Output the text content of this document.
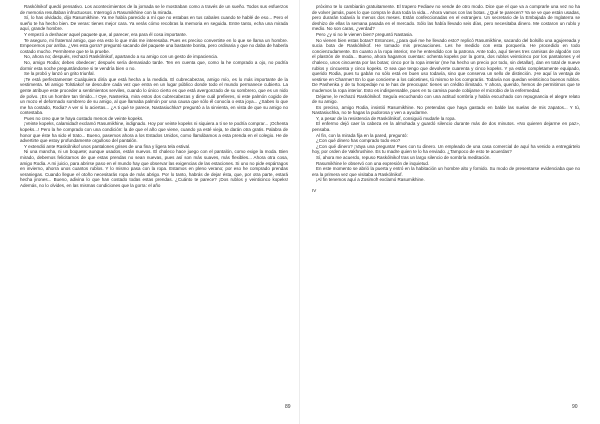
Raskólnikof quedó pensativo. Los acontecimientos de la jornada se le mostraban como a través de un sueño. Todos sus esfuerzos de memoria resultaban infructuosos. Interrogó a Rasumikhine con la mirada.

Sí, lo has olvidado, dijo Rasumikhine. Ya me había parecido a mí que no estabas en tus cabales cuando te hablé de eso... Pero el sueño te ha hecho bien. De veras: tienes mejor cara. Ya verás cómo recobras la memoria en seguida. Entre tanto, echa una mirada aquí, grande hombre.

Y empezó a deshacer aquel paquete que, al parecer, era para él cosa importante.

Te aseguro, mi fraternal amigo, que era esto lo que más me interesaba. Pues es preciso convertirte en lo que se llama un hombre. Empecemos por arriba. ¿Ves esta gorra? preguntó sacando del paquete una bastante bonita, pero ordinaria y que no daba de haberla costado mucho. Permíteme que te la pruebe.

No, ahora no; después, rechazó Raskólnikof, apartando a su amigo con un gesto de impaciencia.

No, amigo Rodia; debes obedecer; después sería demasiado tarde. Ten en cuenta que, como la he comprado a ojo, no podría dormir esta noche preguntándome si te vendría bien o no.

Se la probó y lanzó un grito triunfal.

¡Te está perfectamente! Cualquiera diría que está hecha a la medida. El cubrecabezas, amigo mío, es lo más importante de la vestimenta. Mi amigo Tolstiakof se descubre cada vez que entra en un lugar público donde todo el mundo permanece cubierto. La gente atribuye este proceder a sentimientos serviles, cuando lo único cierto es que está avergonzado de su sombrero, que es un nido de polvo. ¡Es un hombre tan tímido...! Oye, Nastenka, mira estos dos cubrecabezas y dime cuál prefieres, si este palmón cogido de un mozo el deformado sombrero de su amigo, al que llamaba palmón por una causa que sólo él conocía o esta joya... ¿Sabes lo que me ha costado, Rodia? A ver si lo aciertas... ¿A ti qué te parece, Nastasiuchka? preguntó a la sirvienta, en vista de que su amigo no contestaba.

Pues no creo que te haya costado menos de veinte kopeks.

¡Veinte kopeks, calamidad! exclamó Rasumikhine, indignado. Hoy por veinte kopeks ni siquiera a ti se te podría comprar... ¡Ochenta kopeks...! Pero la he comprado con una condición: la de que el año que viene, cuando ya esté vieja, te darán otra gratis. Palabra de honor que éste ha sido el trato... Bueno, pasemos ahora a los Estados Unidos, como llamábamos a esta prenda en el colegio. He de advertirte que estoy profundamente orgulloso del pantalón.

Y extendió ante Raskólnikof unos pantalones grises de una fina y ligera tela estival.

Ni una mancha, ni un boquete; aunque usados, están nuevos. El chaleco hace juego con el pantalón, como exige la moda. Bien mirado, debemos felicitarnos de que estas prendas no sean nuevas, pues así son más suaves, más flexibles... Ahora otra cosa, amigo Rodia. A mi juicio, para abrirse paso en el mundo hay que observar las exigencias de las estaciones. Si uno no pide espárragos en invierno, ahorra unos cuantos rublos. Y lo mismo pasa con la ropa. Estamos en pleno verano; por eso he comprado prendas veraniegas. Cuando llegue el otoño necesitarás ropa de más abrigo. Por lo tanto, habrás de dejar ésta, que, por otra parte, estará hecha jirones... Bueno, adivina lo que han costado todas estas prendas. ¿Cuánto te parece? ¡Dos rublos y veinticinco kopeks! Además, no lo olvides, en las mismas condiciones que la gorra: el año

próximo te lo cambiarán gratuitamente. El trapero Fediaev no vende de otro modo. Dice que el que va a comprarle una vez no ha de volver jamás, pues lo que compra le dura toda la vida... Ahora vamos con las botas. ¿Qué te parecen? Ya se ve que están usadas, pero durarán todavía lo menos dos meses. Están confeccionadas en el extranjero. Un secretario de la Embajada de Inglaterra se deshizo de ellas la semana pasada en el mercado. Sólo las había llevado seis días, pero necesitaba dinero. Me costaron un rublo y medio. No son caras, ¿verdad?

Pero ¿y si no le vienen bien? preguntó Nastasia.

No vienen bien estas botas? Entonces, ¿para qué me he llevado esto? replicó Rasumikhine, sacando del bolsillo una agujereada y sucia bota de Raskólnikof. He tomado mis precauciones. Les he medido con esta porquería. He procedido en todo concienzudamente. En cuanto a la ropa interior, me he entendido con la patrona. Ante todo, aquí tienes tres camisas de algodón con el plastrón de moda... Bueno, ahora hagamos cuentas: ochenta kopeks por la gorra, dos rublos veinticinco por los pantalones y el chaleco, unos cincuenta por las botas; cinco por la ropa interior (me ha hecho un precio por todo, sin detallar), dan en total de nueve rublos y cincuenta y cinco kopeks. O sea que tengo que devolverte cuarenta y cinco kopeks. Y ya estás completamente equipado, querido Rodia, pues tu gabán no sólo está en buen uso todavía, sino que conserva un sello de distinción. ¡He aquí la ventaja de vestirse en Charmer! En lo que concierne a los calcetines, tú mismo te los comprarás. Todavía nos quedan veinticinco buenos rublos. De Pashenka y de tu hospedaje no te has de preocupar: tienes un crédito ilimitado. Y ahora, querido, hemos de permitirnos que te mudemos la ropa interior. Esto es indispensable, pues en tu camisa puede cobijarse el microbio de la enfermedad.

Déjame, le rechazó Raskólnikof. Seguía escuchando con una actitud sombría y había escuchado con repugnancia el alegre relato de su amigo.

Es preciso, amigo Rodia, insistió Rasumikhine. No pretendas que haya gastado en balde las suelas de mis zapatos... Y tú, Nastasiuchka, no te hagas la pudorosa y ven a ayudarme.

Y, a pesar de la resistencia de Raskólnikof, consiguió mudarle la ropa.

El enfermo dejó caer la cabeza en la almohada y guardó silencio durante más de dos minutos. «No quieren dejarme en paz», pensaba.

Al fin, con la mirada fija en la pared, preguntó:

¿Con qué dinero has comprado todo eso?

¿Con qué dinero? ¡Vaya una pregunta! Pues con tu dinero. Un empleado de una casa comercial de aquí ha venido a entregártelo hoy, por orden de Vakhrushine. Es tu madre quien te lo ha enviado. ¿Tampoco de esto te acuerdas?

Sí, ahora me acuerdo, repuso Raskólnikof tras un largo silencio de sombría meditación.

Rasumikhine le observó con una expresión de inquietud.

En este momento se abrió la puerta y entró en la habitación un hombre alto y fornido. Su modo de presentarse evidenciaba que no era la primera vez que visitaba a Raskólnikof.

¡Al fin tenemos aquí a Zosimof! exclamó Rasumikhine.

IV

89	90
